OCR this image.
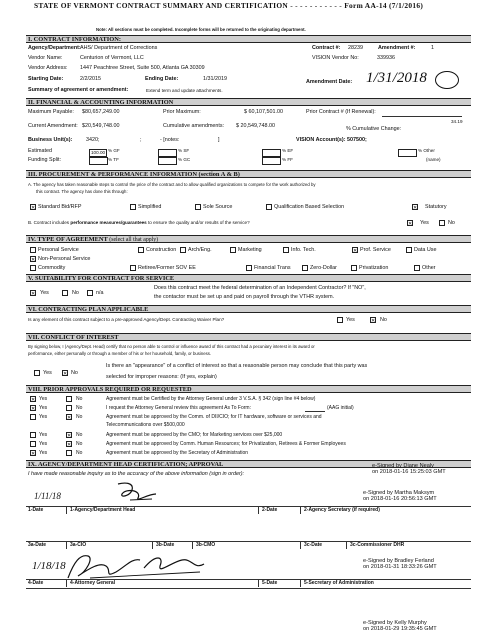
STATE OF VERMONT CONTRACT SUMMARY AND CERTIFICATION - - - - - - - - - - - Form AA-14 (7/1/2016)
Note: All sections must be completed. Incomplete forms will be returned to the originating department.
I. CONTRACT INFORMATION:
Agency/Department: AHS/ Department of Corrections	Contract #: 28239	Amendment #:	1
Vendor Name:	Centurion of Vermont, LLC	VISION Vendor No:	339936
Vendor Address: 1447 Peachtree Street, Suite 500, Atlanta GA 30309
Starting Date:	2/2/2015	Ending Date:	1/31/2019	Amendment Date: 1/31/2018
Summary of agreement or amendment:	Extend term and update attachments.
II. FINANCIAL & ACCOUNTING INFORMATION
Maximum Payable: $80,657,249.00	Prior Maximum:	$ 60,107,501.00	Prior Contract # (If Renewal):
Current Amendment: $20,549,748.00	Cumulative amendments: $ 20,549,748.00	% Cumulative Change:
34.19
Business Unit(s):	3420;	;	- [notes:	]	VISION Account(s): 507500;
Estimated
Funding Split:
100.00 % GF
% TF
% SF
% GC
% EF
% FF
% Other
(name)
III. PROCUREMENT & PERFORMANCE INFORMATION (section A & B)
A. The agency has taken reasonable steps to control the price of the contract and to allow qualified organizations to compete for the work authorized by
this contract. The agency has done this through:
✕
Standard Bid/RFP	Simplified	Sole Source	Qualification Based Selection ✕	Statutory
B. Contract includes performance measures/guarantees to ensure the quality and/or results of the service? ✕	Yes	No
IV. TYPE OF AGREEMENT (select all that apply)
Personal Service
✕
Non-Personal Service
Commodity
Construction Arch/Eng.	Marketing	Info. Tech. ✕	Prof. Service	Data Use
Retiree/Former SOV EE	Financial Trans	Zero-Dollar	Privatization	Other
V. SUITABILITY FOR CONTRACT FOR SERVICE
✕
Yes	No	n/a
Does this contract meet the federal determination of an Independent Contractor? If "NO",
the contactor must be set up and paid on payroll through the VTHR system.
VI. CONTRACTING PLAN APPLICABLE
Is any element of this contract subject to a pre-approved Agency/Dept. Contracting Waiver Plan?	Yes ✕	No
VII. CONFLICT OF INTEREST
By signing below, I (Agency/Dept. Head) certify that no person able to control or influence award of this contract had a pecuniary interest in its award or
performance, either personally or through a member of his or her household, family, or business.
Yes ✕	No
Is there an "appearance" of a conflict of interest so that a reasonable person may conclude that this party was
selected for improper reasons: (If yes, explain)
VIII. PRIOR APPROVALS REQUIRED OR REQUESTED
✕
Yes	No	Agreement must be Certified by the Attorney General under 3 V.S.A. § 342 (sign line #4 below)
✕
Yes	No	I request the Attorney General review this agreement As To Form:	(AAG initial)
Yes ✕	No	Agreement must be approved by the Comm. of DII/CIO; for IT hardware, software or services and
Telecommunications over $500,000
Yes ✕	No	Agreement must be approved by the CMO; for Marketing services over $25,000
Yes ✕	No	Agreement must be approved by Comm. Human Resources; for Privatization, Retirees & Former Employees
✕
Yes	No	Agreement must be approved by the Secretary of Administration
IX. AGENCY/DEPARTMENT HEAD CERTIFICATION; APPROVAL
I have made reasonable inquiry as to the accuracy of the above information (sign in order):
1/11/18
1-Date	1-Agency/Department Head	2-Date	2-Agency Secretary (if required)
3a-Date	3a-CIO	3b-Date	3b-CMO	3c-Date	3c-Commissioner DHR
1/18/18
4-Date	4-Attorney General	5-Date	5-Secretary of Administration
e-Signed by Diane Nealy
on 2018-01-16 15:25:03 GMT
e-Signed by Martha Maksym
on 2018-01-16 20:56:13 GMT
e-Signed by Bradley Ferland
on 2018-01-31 18:33:26 GMT
e-Signed by Kelly Murphy
on 2018-01-29 19:35:45 GMT
